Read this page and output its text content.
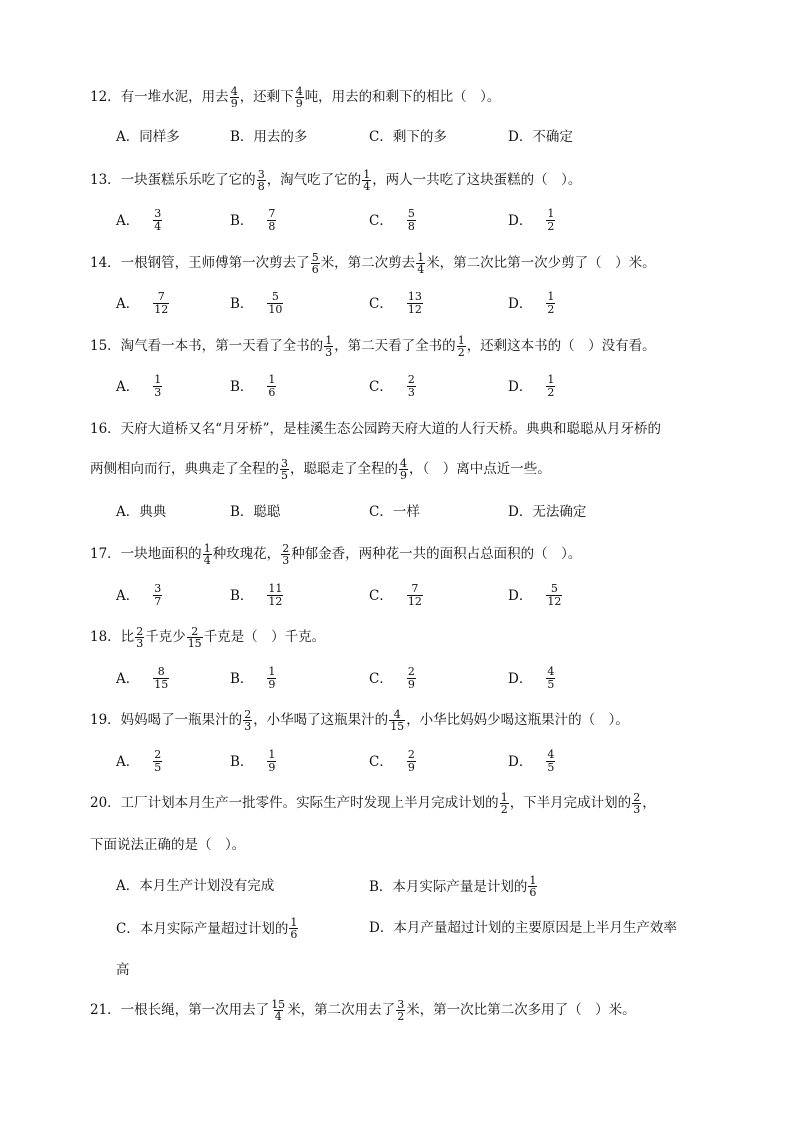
12．有一堆水泥，用去 $\frac{4}{9}$ ，还剩下 $\frac{4}{9}$ 吨，用去的和剩下的相比（　）。
A．同样多	B．用去的多	C．剩下的多	D．不确定
13．一块蛋糕乐乐吃了它的 $\frac{3}{8}$ ，淘气吃了它的 $\frac{1}{4}$ ，两人一共吃了这块蛋糕的（　）。
A． $\frac{3}{4}$	B． $\frac{7}{8}$	C． $\frac{5}{8}$	D． $\frac{1}{2}$
14．一根钢管，王师傅第一次剪去了 $\frac{5}{6}$ 米，第二次剪去 $\frac{1}{4}$ 米，第二次比第一次少剪了（　）米。
A． $\frac{7}{12}$	B． $\frac{5}{10}$	C． $\frac{13}{12}$	D． $\frac{1}{2}$
15．淘气看一本书，第一天看了全书的 $\frac{1}{3}$ ，第二天看了全书的 $\frac{1}{2}$ ，还剩这本书的（　）没有看。
A． $\frac{1}{3}$	B． $\frac{1}{6}$	C． $\frac{2}{3}$	D． $\frac{1}{2}$
16．天府大道桥又名“月牙桥”，是桂溪生态公园跨天府大道的人行天桥。典典和聪聪从月牙桥的
两侧相向而行，典典走了全程的 $\frac{3}{5}$ ，聪聪走了全程的 $\frac{4}{9}$ ，（　）离中点近一些。
A．典典	B．聪聪	C．一样	D．无法确定
17．一块地面积的 $\frac{1}{4}$ 种玫瑰花， $\frac{2}{3}$ 种郁金香，两种花一共的面积占总面积的（　）。
A． $\frac{3}{7}$	B． $\frac{11}{12}$	C． $\frac{7}{12}$	D． $\frac{5}{12}$
18．比 $\frac{2}{3}$ 千克少 $\frac{2}{15}$ 千克是（　）千克。
A． $\frac{8}{15}$	B． $\frac{1}{9}$	C． $\frac{2}{9}$	D． $\frac{4}{5}$
19．妈妈喝了一瓶果汁的 $\frac{2}{3}$ ，小华喝了这瓶果汁的 $\frac{4}{15}$ ，小华比妈妈少喝这瓶果汁的（　）。
A． $\frac{2}{5}$	B． $\frac{1}{9}$	C． $\frac{2}{9}$	D． $\frac{4}{5}$
20．工厂计划本月生产一批零件。实际生产时发现上半月完成计划的 $\frac{1}{2}$ ，下半月完成计划的 $\frac{2}{3}$ ，
下面说法正确的是（　）。
A．本月生产计划没有完成	B．本月实际产量是计划的 $\frac{1}{6}$
C．本月实际产量超过计划的 $\frac{1}{6}$	D．本月产量超过计划的主要原因是上半月生产效率
高
21．一根长绳，第一次用去了 $\frac{15}{4}$ 米，第二次用去了 $\frac{3}{2}$ 米，第一次比第二次多用了（　）米。
